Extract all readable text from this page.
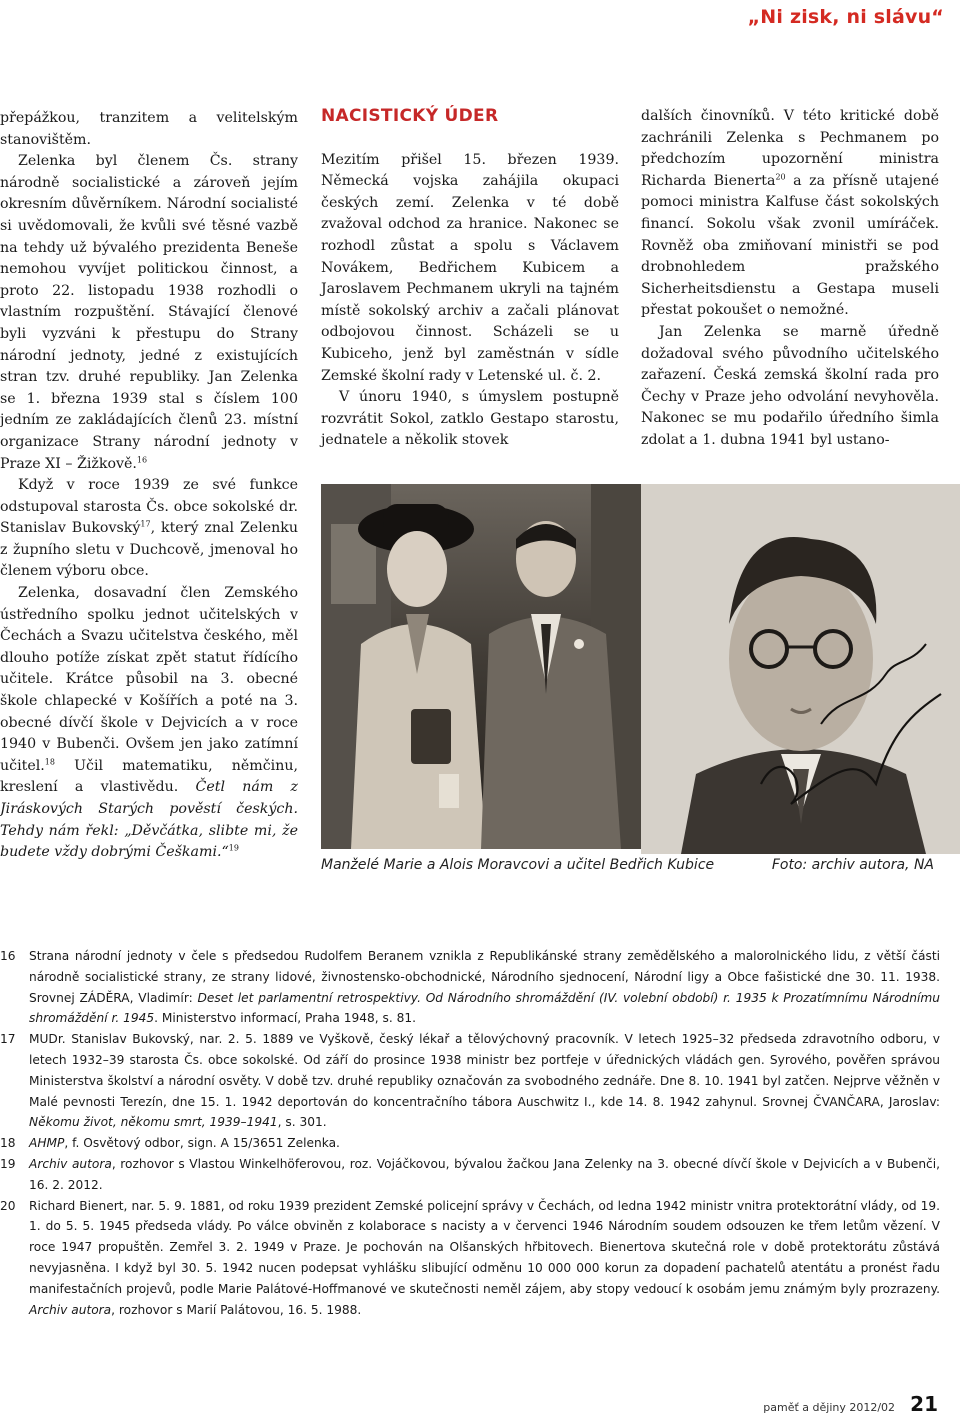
„Ni zisk, ni slávu“

přepážkou, tranzitem a velitelským stanovištěm.

Zelenka byl členem Čs. strany národně socialistické a zároveň jejím okresním důvěrníkem. Národní socialisté si uvědomovali, že kvůli své těsné vazbě na tehdy už bývalého prezidenta Beneše nemohou vyvíjet politickou činnost, a proto 22. listopadu 1938 rozhodli o vlastním rozpuštění. Stávající členové byli vyzváni k přestupu do Strany národní jednoty, jedné z existujících stran tzv. druhé republiky. Jan Zelenka se 1. března 1939 stal s číslem 100 jedním ze zakládajících členů 23. místní organizace Strany národní jednoty v Praze XI – Žižkově.$^{16}$

Když v roce 1939 ze své funkce odstupoval starosta Čs. obce sokolské dr. Stanislav Bukovský$^{17}$, který znal Zelenku z župního sletu v Duchcově, jmenoval ho členem výboru obce.

Zelenka, dosavadní člen Zemského ústředního spolku jednot učitelských v Čechách a Svazu učitelstva českého, měl dlouho potíže získat zpět statut řídícího učitele. Krátce působil na 3. obecné škole chlapecké v Košířích a poté na 3. obecné dívčí škole v Dejvicích a v roce 1940 v Bubenči. Ovšem jen jako zatímní učitel.$^{18}$ Učil matematiku, němčinu, kreslení a vlastivědu. Četl nám z Jiráskových Starých pověstí českých. Tehdy nám řekl: „Děvčátka, slibte mi, že budete vždy dobrými Češkami.“$^{19}$

NACISTICKÝ ÚDER

Mezitím přišel 15. březen 1939. Německá vojska zahájila okupaci českých zemí. Zelenka v té době zvažoval odchod za hranice. Nakonec se rozhodl zůstat a spolu s Václavem Novákem, Bedřichem Kubicem a Jaroslavem Pechmanem ukryli na tajném místě sokolský archiv a začali plánovat odbojovou činnost. Scházeli se u Kubiceho, jenž byl zaměstnán v sídle Zemské školní rady v Letenské ul. č. 2.

V únoru 1940, s úmyslem postupně rozvrátit Sokol, zatklo Gestapo starostu, jednatele a několik stovek

dalších činovníků. V této kritické době zachránili Zelenka s Pechmanem po předchozím upozornění ministra Richarda Bienerta$^{20}$ a za přísně utajené pomoci ministra Kalfuse část sokolských financí. Sokolu však zvonil umíráček. Rovněž oba zmiňovaní ministři se pod drobnohledem pražského Sicherheitsdienstu a Gestapa museli přestat pokoušet o nemožné.

Jan Zelenka se marně úředně dožadoval svého původního učitelského zařazení. Česká zemská školní rada pro Čechy v Praze jeho odvolání nevyhověla. Nakonec se mu podařilo úředního šimla zdolat a 1. dubna 1941 byl ustano-

Manželé Marie a Alois Moravcovi a učitel Bedřich Kubice	Foto: archiv autora, NA
16 Strana národní jednoty v čele s předsedou Rudolfem Beranem vznikla z Republikánské strany zemědělského a malorolnického lidu, z větší části národně socialistické strany, ze strany lidové, živnostensko-obchodnické, Národního sjednocení, Národní ligy a Obce fašistické dne 30. 11. 1938. Srovnej ZÁDĚRA, Vladimír: Deset let parlamentní retrospektivy. Od Národního shromáždění (IV. volební období) r. 1935 k Prozatímnímu Národnímu shromáždění r. 1945. Ministerstvo informací, Praha 1948, s. 81.
17 MUDr. Stanislav Bukovský, nar. 2. 5. 1889 ve Vyškově, český lékař a tělovýchovný pracovník. V letech 1925–32 předseda zdravotního odboru, v letech 1932–39 starosta Čs. obce sokolské. Od září do prosince 1938 ministr bez portfeje v úřednických vládách gen. Syrového, pověřen správou Ministerstva školství a národní osvěty. V době tzv. druhé republiky označován za svobodného zednáře. Dne 8. 10. 1941 byl zatčen. Nejprve věžněn v Malé pevnosti Terezín, dne 15. 1. 1942 deportován do koncentračního tábora Auschwitz I., kde 14. 8. 1942 zahynul. Srovnej ČVANČARA, Jaroslav: Někomu život, někomu smrt, 1939–1941, s. 301.
18 AHMP, f. Osvětový odbor, sign. A 15/3651 Zelenka.
19 Archiv autora, rozhovor s Vlastou Winkelhöferovou, roz. Vojáčkovou, bývalou žačkou Jana Zelenky na 3. obecné dívčí škole v Dejvicích a v Bubenči, 16. 2. 2012.
20 Richard Bienert, nar. 5. 9. 1881, od roku 1939 prezident Zemské policejní správy v Čechách, od ledna 1942 ministr vnitra protektorátní vlády, od 19. 1. do 5. 5. 1945 předseda vlády. Po válce obviněn z kolaborace s nacisty a v červenci 1946 Národním soudem odsouzen ke třem letům vězení. V roce 1947 propuštěn. Zemřel 3. 2. 1949 v Praze. Je pochován na Olšanských hřbitovech. Bienertova skutečná role v době protektorátu zůstává nevyjasněna. I když byl 30. 5. 1942 nucen podepsat vyhlášku slibující odměnu 10 000 000 korun za dopadení pachatelů atentátu a pronést řadu manifestačních projevů, podle Marie Palátové-Hoffmanové ve skutečnosti neměl zájem, aby stopy vedoucí k osobám jemu známým byly prozrazeny. Archiv autora, rozhovor s Marií Palátovou, 16. 5. 1988.
paměť a dějiny 2012/02 21
